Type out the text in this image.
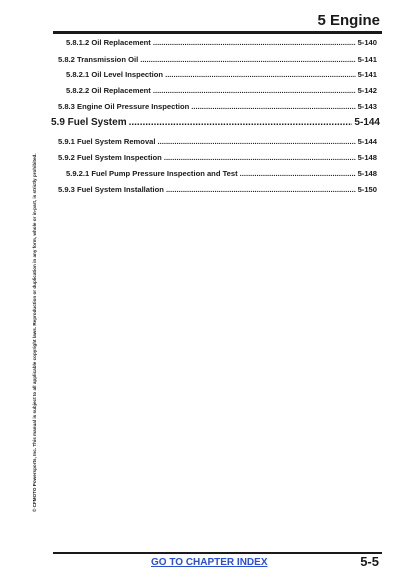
5 Engine
© CFMOTO Powersports, Inc. This manual is subject to all applicable copyright laws. Reproduction or duplication in any form, whole or in-part, is strictly prohibited.
5.8.1.2 Oil Replacement .....	5-140
5.8.2 Transmission Oil .....	5-141
5.8.2.1 Oil Level Inspection .....	5-141
5.8.2.2 Oil Replacement .....	5-142
5.8.3 Engine Oil Pressure Inspection .....	5-143
5.9 Fuel System .....	5-144
5.9.1 Fuel System Removal .....	5-144
5.9.2 Fuel System Inspection .....	5-148
5.9.2.1 Fuel Pump Pressure Inspection and Test .....	5-148
5.9.3 Fuel System Installation .....	5-150
GO TO CHAPTER INDEX	5-5
